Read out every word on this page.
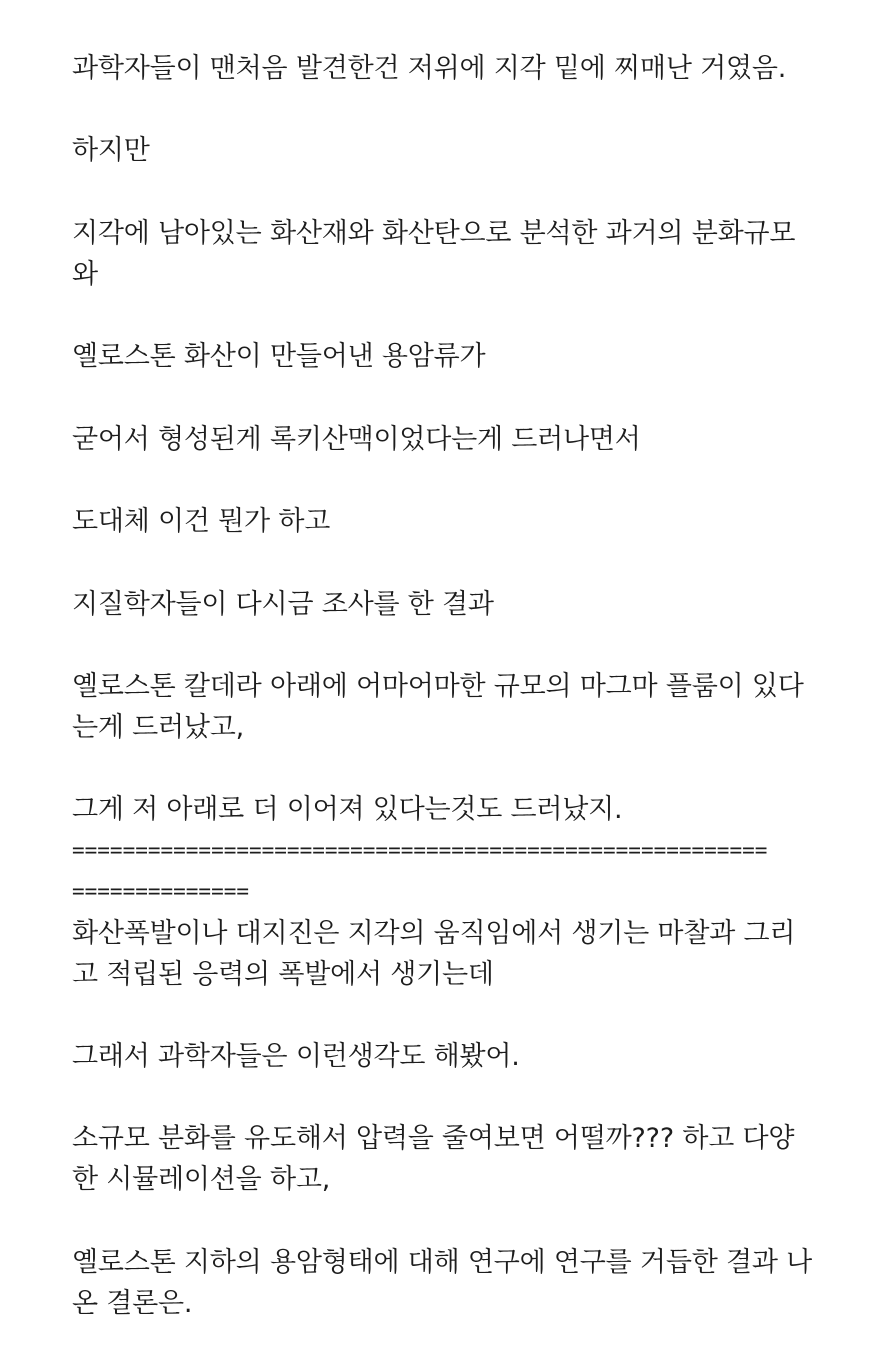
과학자들이 맨처음 발견한건 저위에 지각 밑에 찌매난 거였음.

하지만

지각에 남아있는 화산재와 화산탄으로 분석한 과거의 분화규모

와

옐로스톤 화산이 만들어낸 용암류가

굳어서 형성된게 록키산맥이었다는게 드러나면서

도대체 이건 뭔가 하고

지질학자들이 다시금 조사를 한 결과

옐로스톤 칼데라 아래에 어마어마한 규모의 마그마 플룸이 있다

는게 드러났고,

그게 저 아래로 더 이어져 있다는것도 드러났지.

=======================================================

==============

화산폭발이나 대지진은 지각의 움직임에서 생기는 마찰과 그리

고 적립된 응력의 폭발에서 생기는데

그래서 과학자들은 이런생각도 해봤어.

소규모 분화를 유도해서 압력을 줄여보면 어떨까??? 하고 다양

한 시뮬레이션을 하고,

옐로스톤 지하의 용암형태에 대해 연구에 연구를 거듭한 결과 나

온 결론은.
